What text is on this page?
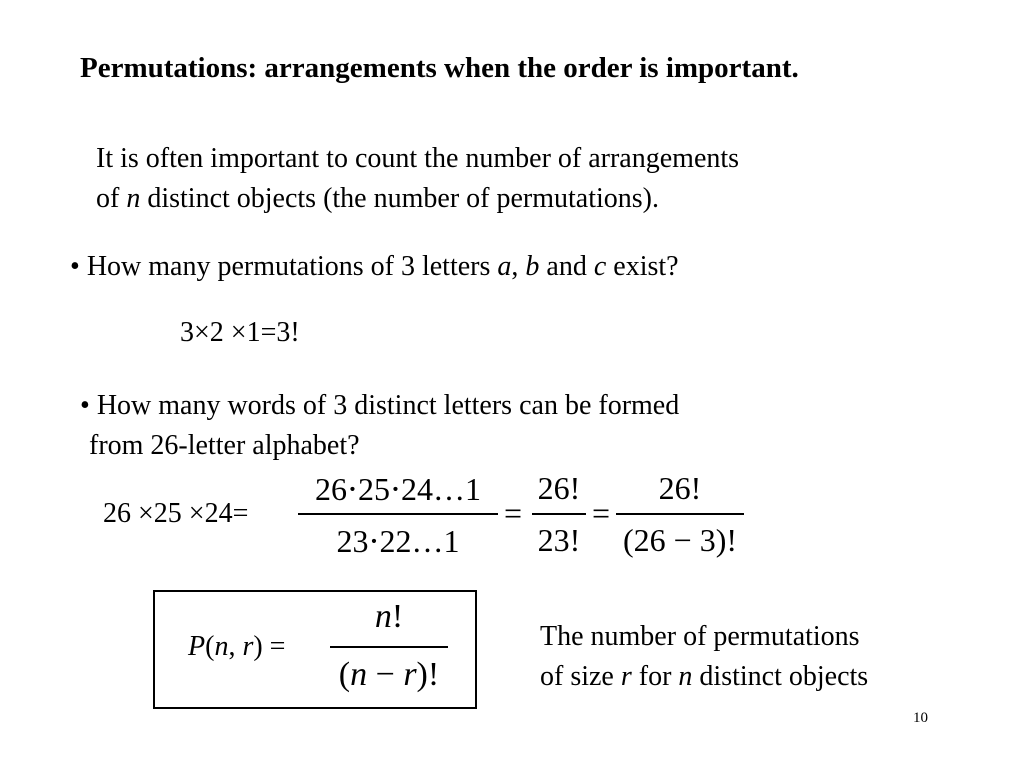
Permutations: arrangements when the order is important.
It is often important to count the number of arrangements
of n distinct objects (the number of permutations).
• How many permutations of 3 letters a, b and c exist?
3×2 ×1=3!
• How many words of 3 distinct letters can be formed
from 26-letter alphabet?
26 ×25 ×24=
26⋅25⋅24…1
23⋅22…1
=
26!
23!
=
26!
(26 − 3)!
P(n, r) =
n!
(n − r)!
The number of permutations
of size r for n distinct objects
10
